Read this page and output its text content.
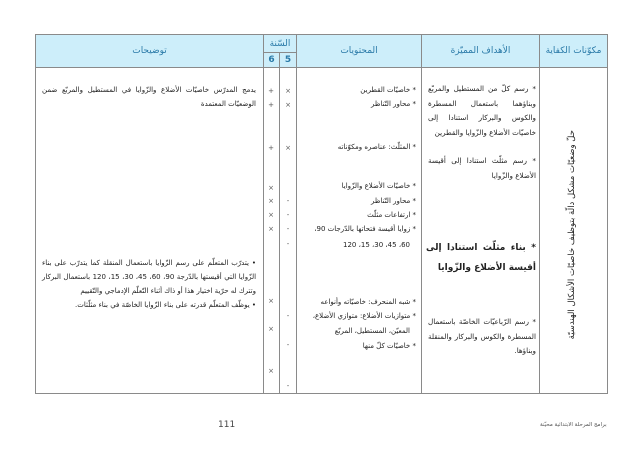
مكوّنات الكفاية
الأهداف المميّزة
المحتويات
السّنة
5
6
توضيحات
حلّ وضعيّات مشكل دالّة بتوظيف خاصيّات الأشكال الهندسيّة
* رسم كلّ من المستطيل والمربّع وبناؤهما باستعمال المسطرة والكوس والبركار استنادا إلى خاصيّات الأضلاع والزّوايا والقطرين
* رسم مثلّث استنادا إلى أقيسة الأضلاع والزّوايا
* بناء مثلّث استنادا إلى أقيسة الأضلاع والزّوايا
* رسم الرّباعيّات الخاصّة باستعمال المسطرة والكوس والبركار والمنقلة وبناؤها.
* خاصيّات القطرين
* محاور التّناظر
* المثلّث: عناصره ومكوّناته
* خاصيّات الأضلاع والزّوايا
* محاور التّناظر
* ارتفاعات مثلّث
* زوايا أقيسة فتحاتها بالدّرجات 90،
60، 45، 30، 15، 120
* شبه المنحرف: خاصيّاته وأنواعه
* متوازيات الأضلاع: متوازي الأضلاع،
المعيّن، المستطيل، المربّع
* خاصيّات كلّ منها
×
×
×
-
-
-
-
-
-
-
+
+
+
×
×
×
×
×
×
×
يدمج المدرّس خاصيّات الأضلاع والزّوايا في المستطيل والمربّع ضمن الوضعيّات المعتمدة
• يتدرّب المتعلّم على رسم الزّوايا باستعمال المنقلة كما يتدرّب على بناء الزّوايا التي أقيستها بالدّرجة 90، 60، 45، 30، 15، 120 باستعمال البركار وتترك له حرّية اختيار هذا أو ذاك أثناء التّعلّم الإدماجي والتّقييم
• يوظّف المتعلّم قدرته على بناء الزّوايا الخاصّة في بناء مثلّثات.
111	برامج المرحلة الابتدائية محيّنة
